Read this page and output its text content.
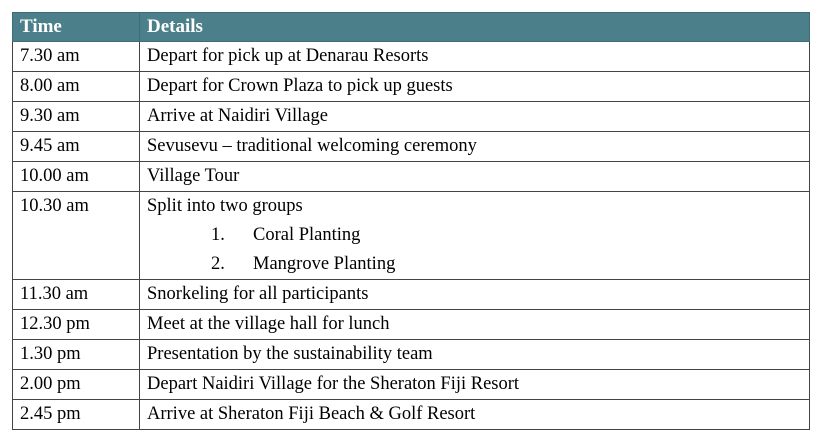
Time	Details
7.30 am	Depart for pick up at Denarau Resorts
8.00 am	Depart for Crown Plaza to pick up guests
9.30 am	Arrive at Naidiri Village
9.45 am	Sevusevu – traditional welcoming ceremony
10.00 am	Village Tour
10.30 am	Split into two groups
1. Coral Planting
2. Mangrove Planting

11.30 am	Snorkeling for all participants
12.30 pm	Meet at the village hall for lunch
1.30 pm	Presentation by the sustainability team
2.00 pm	Depart Naidiri Village for the Sheraton Fiji Resort
2.45 pm	Arrive at Sheraton Fiji Beach & Golf Resort
